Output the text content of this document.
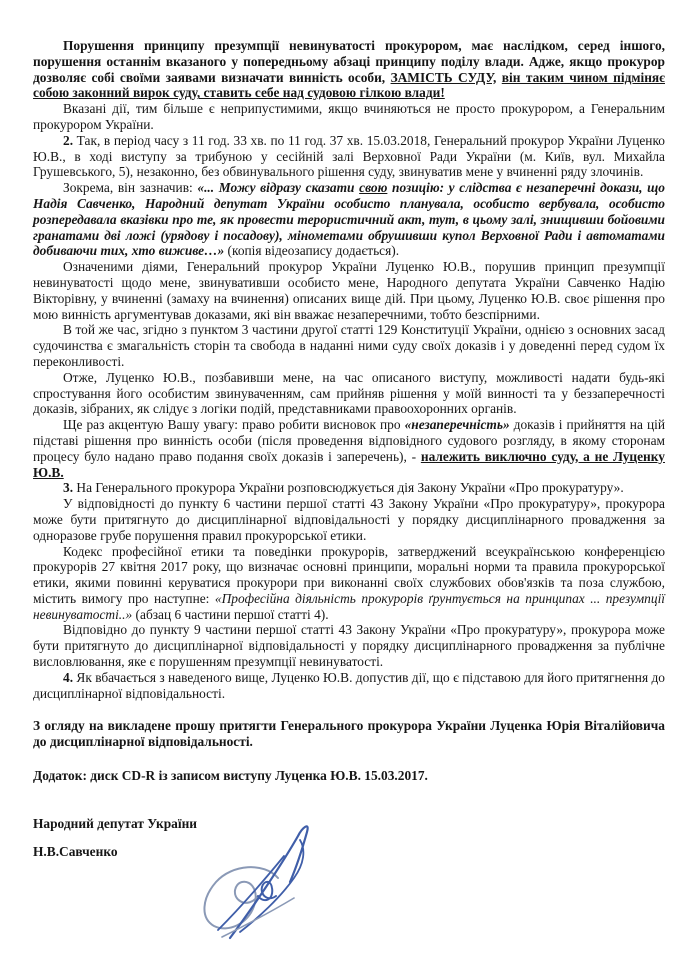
Порушення принципу презумпції невинуватості прокурором, має наслідком, серед іншого, порушення останнім вказаного у попередньому абзаці принципу поділу влади. Адже, якщо прокурор дозволяє собі своїми заявами визначати винність особи, ЗАМІСТЬ СУДУ, він таким чином підміняє собою законний вирок суду, ставить себе над судовою гілкою влади!

Вказані дії, тим більше є неприпустимими, якщо вчиняються не просто прокурором, а Генеральним прокурором України.

2. Так, в період часу з 11 год. 33 хв. по 11 год. 37 хв. 15.03.2018, Генеральний прокурор України Луценко Ю.В., в ході виступу за трибуною у сесійній залі Верховної Ради України (м. Київ, вул. Михайла Грушевського, 5), незаконно, без обвинувального рішення суду, звинуватив мене у вчиненні ряду злочинів.

Зокрема, він зазначив: «... Можу відразу сказати свою позицію: у слідства є незаперечні докази, що Надія Савченко, Народний депутат України особисто планувала, особисто вербувала, особисто розпередавала вказівки про те, як провести терористичний акт, тут, в цьому залі, знищивши бойовими гранатами дві ложі (урядову і посадову), мінометами обрушивши купол Верховної Ради і автоматами добиваючи тих, хто виживе…» (копія відеозапису додається).

Означеними діями, Генеральний прокурор України Луценко Ю.В., порушив принцип презумпції невинуватості щодо мене, звинувативши особисто мене, Народного депутата України Савченко Надію Вікторівну, у вчиненні (замаху на вчинення) описаних вище дій. При цьому, Луценко Ю.В. своє рішення про мою винність аргументував доказами, які він вважає незаперечними, тобто безспірними.

В той же час, згідно з пунктом 3 частини другої статті 129 Конституції України, однією з основних засад судочинства є змагальність сторін та свобода в наданні ними суду своїх доказів і у доведенні перед судом їх переконливості.

Отже, Луценко Ю.В., позбавивши мене, на час описаного виступу, можливості надати будь-які спростування його особистим звинуваченням, сам прийняв рішення у моїй винності та у беззаперечності доказів, зібраних, як слідує з логіки подій, представниками правоохоронних органів.

Ще раз акцентую Вашу увагу: право робити висновок про «незаперечність» доказів і прийняття на цій підставі рішення про винність особи (після проведення відповідного судового розгляду, в якому сторонам процесу було надано право подання своїх доказів і заперечень), - належить виключно суду, а не Луценку Ю.В.

3. На Генерального прокурора України розповсюджується дія Закону України «Про прокуратуру».

У відповідності до пункту 6 частини першої статті 43 Закону України «Про прокуратуру», прокурора може бути притягнуто до дисциплінарної відповідальності у порядку дисциплінарного провадження за одноразове грубе порушення правил прокурорської етики.

Кодекс професійної етики та поведінки прокурорів, затверджений всеукраїнською конференцією прокурорів 27 квітня 2017 року, що визначає основні принципи, моральні норми та правила прокурорської етики, якими повинні керуватися прокурори при виконанні своїх службових обов'язків та поза службою, містить вимогу про наступне: «Професійна діяльність прокурорів ґрунтується на принципах ... презумпції невинуватості..» (абзац 6 частини першої статті 4).

Відповідно до пункту 9 частини першої статті 43 Закону України «Про прокуратуру», прокурора може бути притягнуто до дисциплінарної відповідальності у порядку дисциплінарного провадження за публічне висловлювання, яке є порушенням презумпції невинуватості.

4. Як вбачається з наведеного вище, Луценко Ю.В. допустив дії, що є підставою для його притягнення до дисциплінарної відповідальності.

З огляду на викладене прошу притягти Генерального прокурора України Луценка Юрія Віталійовича до дисциплінарної відповідальності.

Додаток: диск CD-R із записом виступу Луценка Ю.В. 15.03.2017.

Народний депутат України

Н.В.Савченко
